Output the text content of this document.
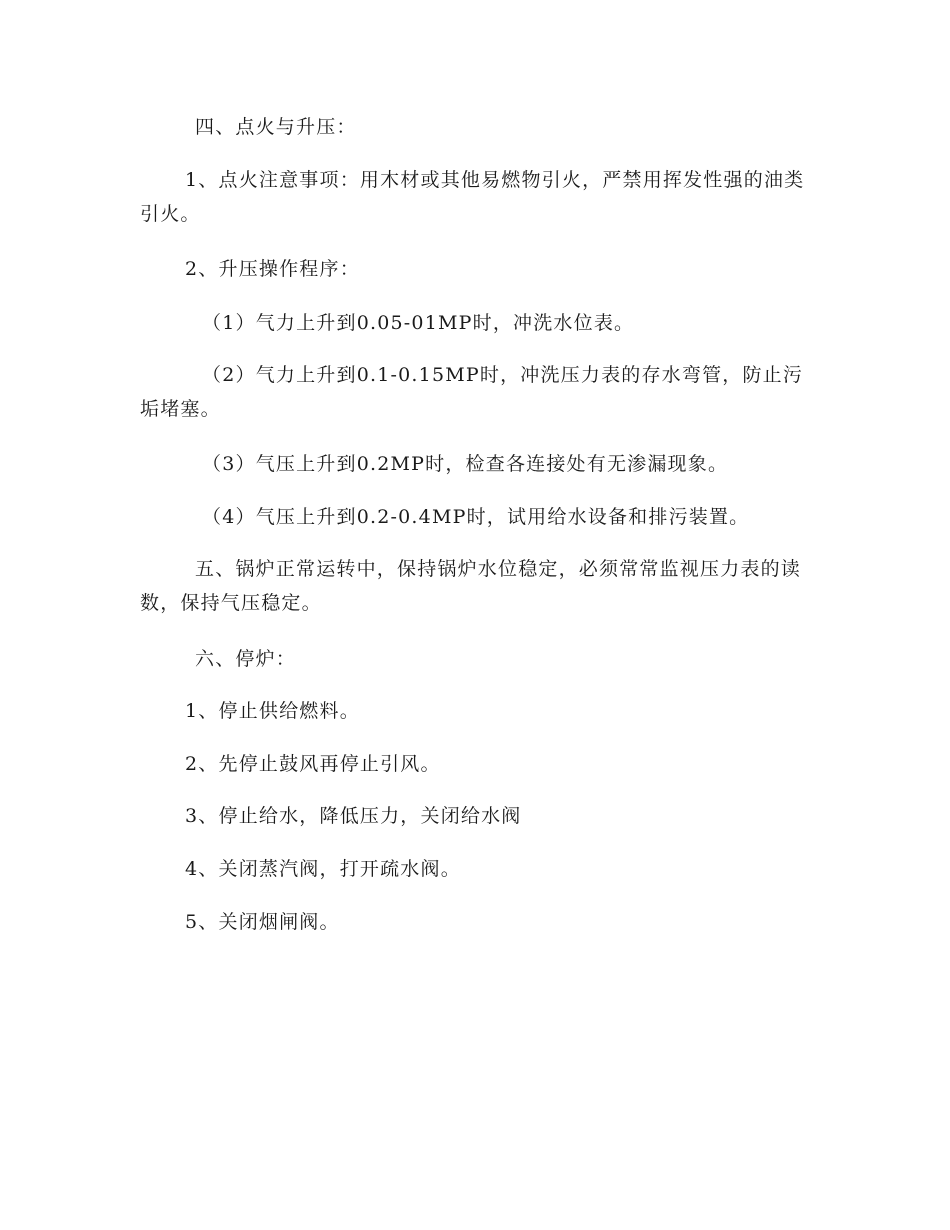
四、点火与升压：

1、点火注意事项：用木材或其他易燃物引火，严禁用挥发性强的油类引火。

2、升压操作程序：

（1）气力上升到0.05-01MP时，冲洗水位表。

（2）气力上升到0.1-0.15MP时，冲洗压力表的存水弯管，防止污垢堵塞。

（3）气压上升到0.2MP时，检查各连接处有无渗漏现象。

（4）气压上升到0.2-0.4MP时，试用给水设备和排污装置。

五、锅炉正常运转中，保持锅炉水位稳定，必须常常监视压力表的读数，保持气压稳定。

六、停炉：

1、停止供给燃料。

2、先停止鼓风再停止引风。

3、停止给水，降低压力，关闭给水阀

4、关闭蒸汽阀，打开疏水阀。

5、关闭烟闸阀。
